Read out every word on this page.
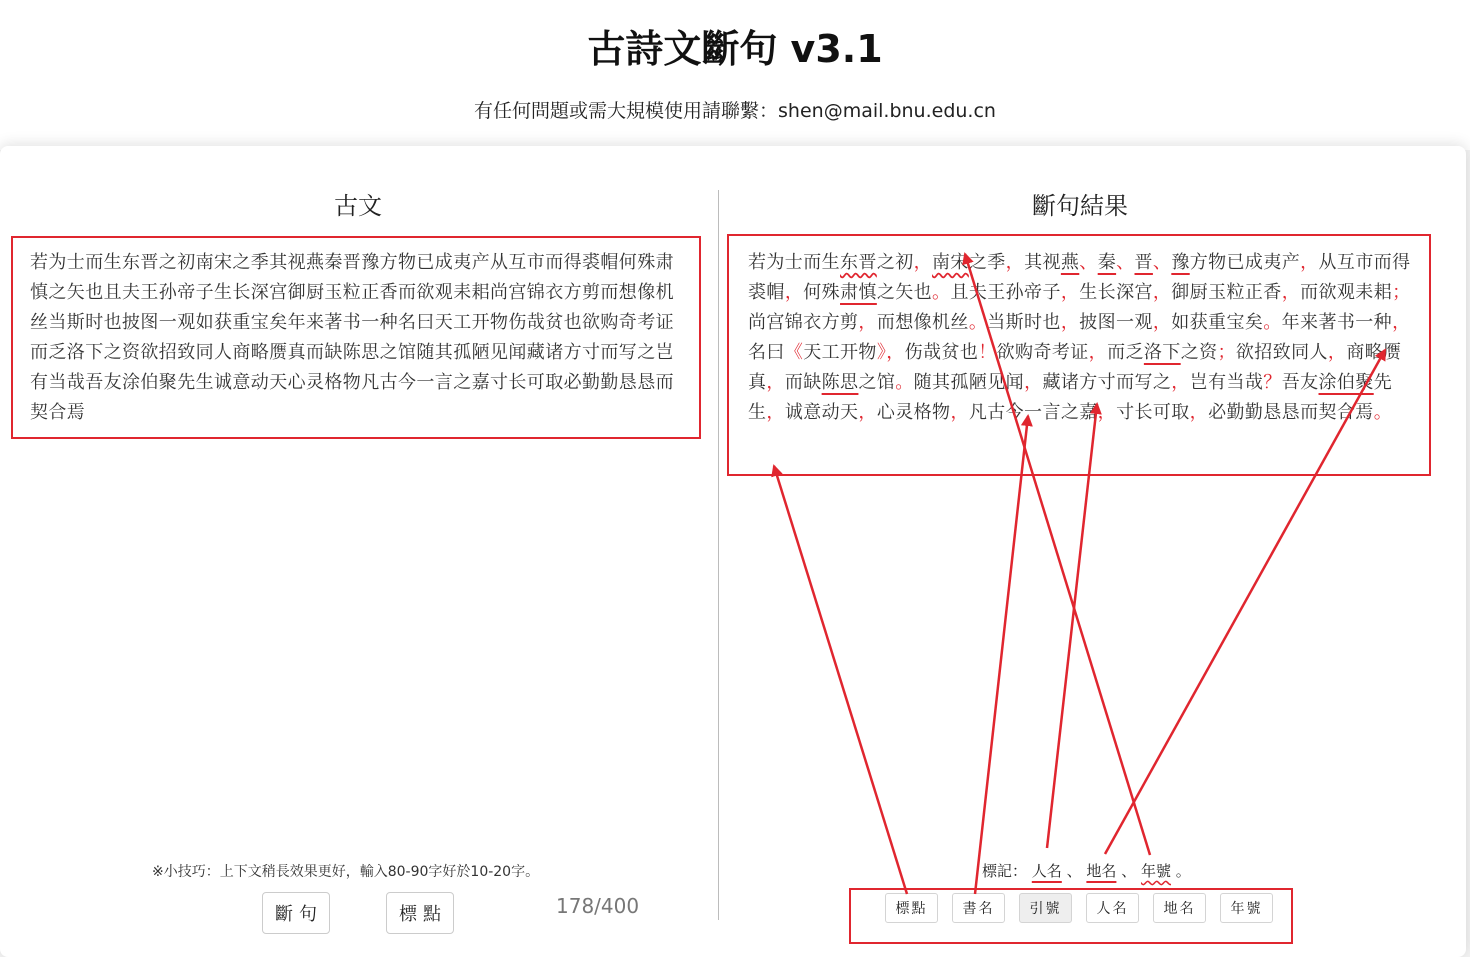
古詩文斷句 v3.1
有任何問題或需大規模使用請聯繫：shen@mail.bnu.edu.cn
古文
若为士而生东晋之初南宋之季其视燕秦晋豫方物已成夷产从互市而得裘帽何殊肃慎之矢也且夫王孙帝子生长深宫御厨玉粒正香而欲观耒耜尚宫锦衣方剪而想像机丝当斯时也披图一观如获重宝矣年来著书一种名曰天工开物伤哉贫也欲购奇考证而乏洛下之资欲招致同人商略赝真而缺陈思之馆随其孤陋见闻藏诸方寸而写之岂有当哉吾友涂伯聚先生诚意动天心灵格物凡古今一言之嘉寸长可取必勤勤恳恳而契合焉
※小技巧：上下文稍長效果更好，輸入80-90字好於10-20字。
斷句	標點	178/400
斷句結果
若为士而生东晋之初，南宋之季，其视燕、秦、晋、豫方物已成夷产，从互市而得裘帽，何殊肃慎之矢也。且夫王孙帝子，生长深宫，御厨玉粒正香，而欲观耒耜；尚宫锦衣方剪，而想像机丝。当斯时也，披图一观，如获重宝矣。年来著书一种，名曰《天工开物》，伤哉贫也！欲购奇考证，而乏洛下之资；欲招致同人，商略赝真，而缺陈思之馆。随其孤陋见闻，藏诸方寸而写之，岂有当哉？吾友涂伯聚先生，诚意动天，心灵格物，凡古今一言之嘉，寸长可取，必勤勤恳恳而契合焉。
標記： 人名 、 地名 、 年號 。
標點	書名	引號	人名	地名	年號
